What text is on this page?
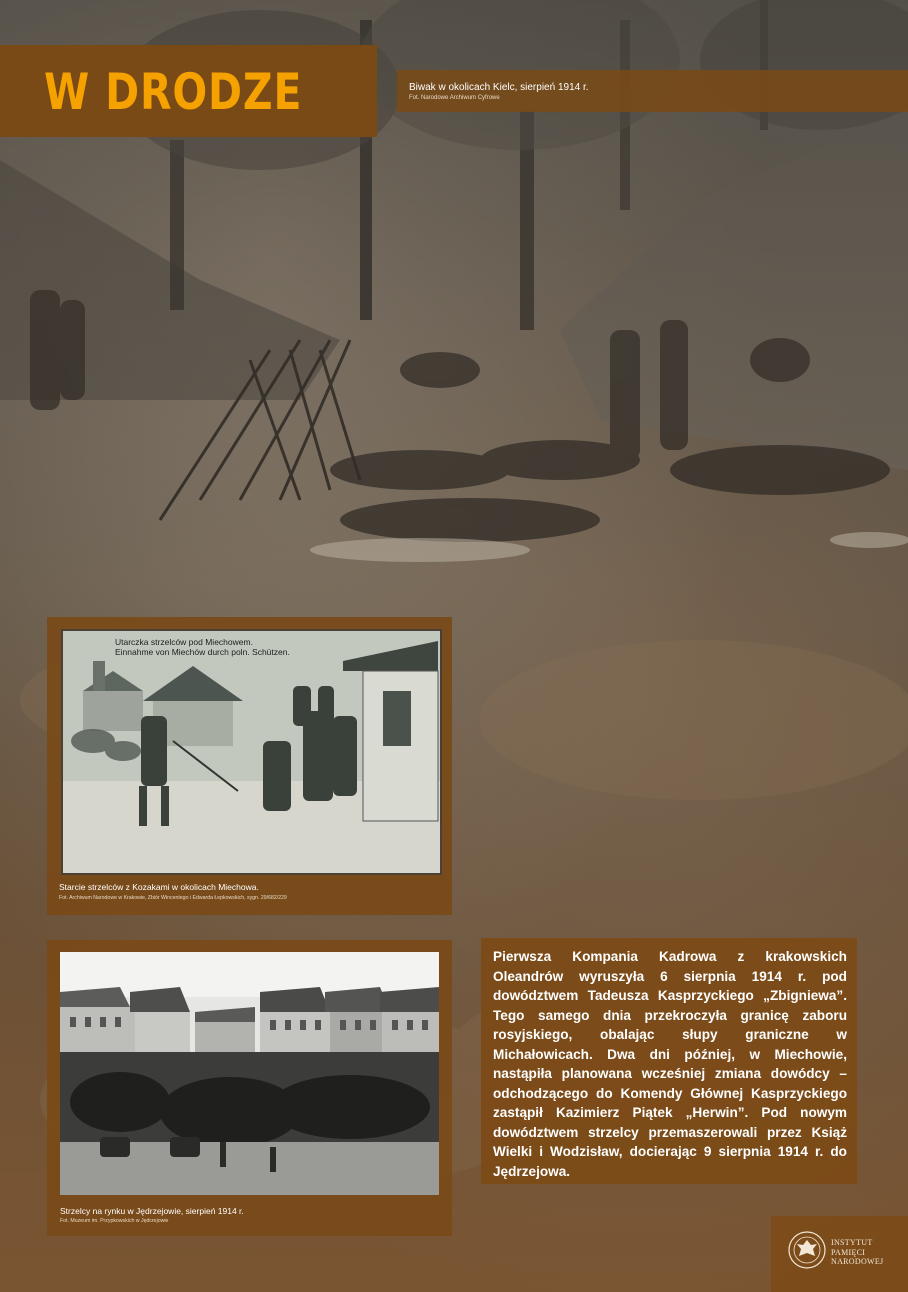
W DRODZE	Biwak w okolicach Kielc, sierpień 1914 r.
Fot. Narodowe Archiwum Cyfrowe
Utarczka strzelców pod Miechowem.
Einnahme von Miechów durch poln. Schützen.
Starcie strzelców z Kozakami w okolicach Miechowa.
Fot. Archiwum Narodowe w Krakowie, Zbiór Wincentego i Edwarda Łepkowskich, sygn. 29/682/229
Strzelcy na rynku w Jędrzejowie, sierpień 1914 r.
Fot. Muzeum im. Przypkowskich w Jędrzejowie
Pierwsza Kompania Kadrowa z krakowskich Oleandrów wyruszyła 6 sierpnia 1914 r. pod dowództwem Tadeusza Kasprzyckiego „Zbigniewa”. Tego samego dnia przekroczyła granicę zaboru rosyjskiego, obalając słupy graniczne w Michałowicach. Dwa dni później, w Miechowie, nastąpiła planowana wcześniej zmiana dowódcy – odchodzącego do Komendy Głównej Kasprzyckiego zastąpił Kazimierz Piątek „Herwin”. Pod nowym dowództwem strzelcy przemaszerowali przez Książ Wielki i Wodzisław, docierając 9 sierpnia 1914 r. do Jędrzejowa.
INSTYTUT
PAMIĘCI
NARODOWEJ
